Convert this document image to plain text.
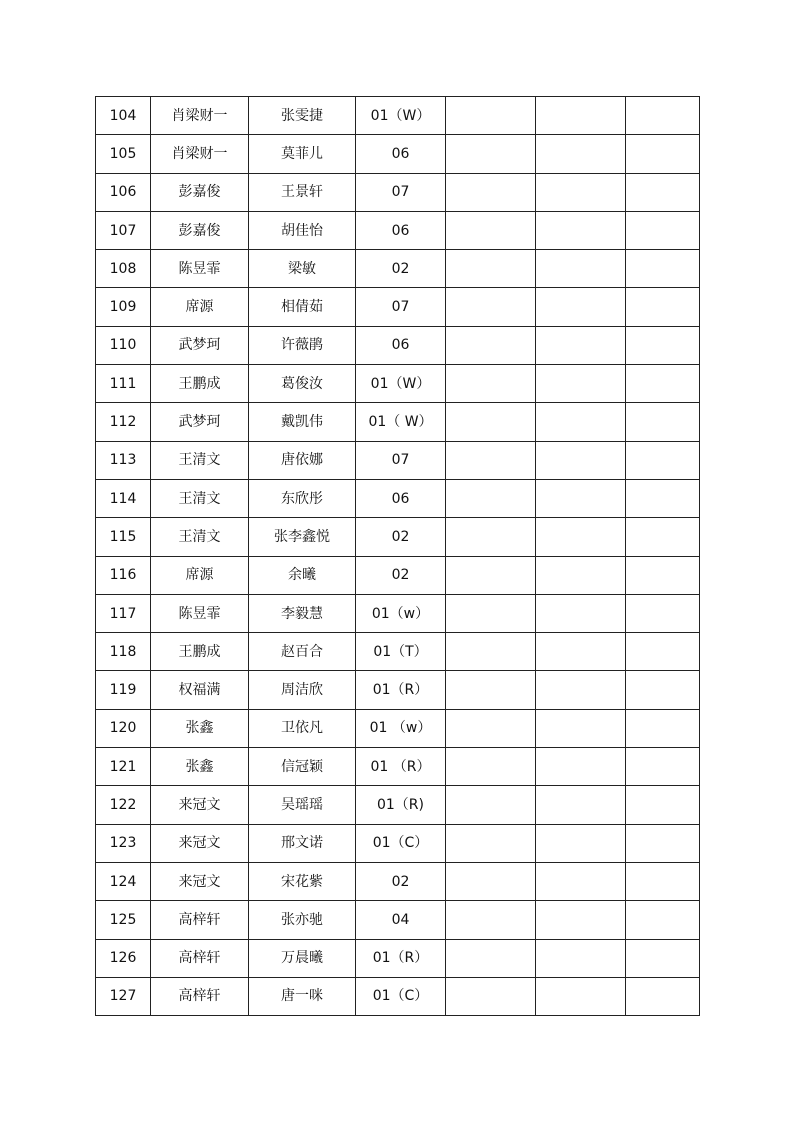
104	肖梁财一	张雯捷	01（W）			
105	肖梁财一	莫菲儿	06			
106	彭嘉俊	王景轩	07			
107	彭嘉俊	胡佳怡	06			
108	陈昱霏	梁敏	02			
109	席源	相倩茹	07			
110	武梦珂	许薇鹃	06			
111	王鹏成	葛俊汝	01（W）			
112	武梦珂	戴凯伟	01（ W）			
113	王清文	唐依娜	07			
114	王清文	东欣彤	06			
115	王清文	张李鑫悦	02			
116	席源	余曦	02			
117	陈昱霏	李毅慧	01（w）			
118	王鹏成	赵百合	01（T）			
119	权福满	周洁欣	01（R）			
120	张鑫	卫依凡	01 （w）			
121	张鑫	信冠颖	01 （R）			
122	来冠文	吴瑶瑶	01（R)			
123	来冠文	邢文诺	01（C）			
124	来冠文	宋花紫	02			
125	高梓轩	张亦驰	04			
126	高梓轩	万晨曦	01（R）			
127	高梓轩	唐一咪	01（C）			
